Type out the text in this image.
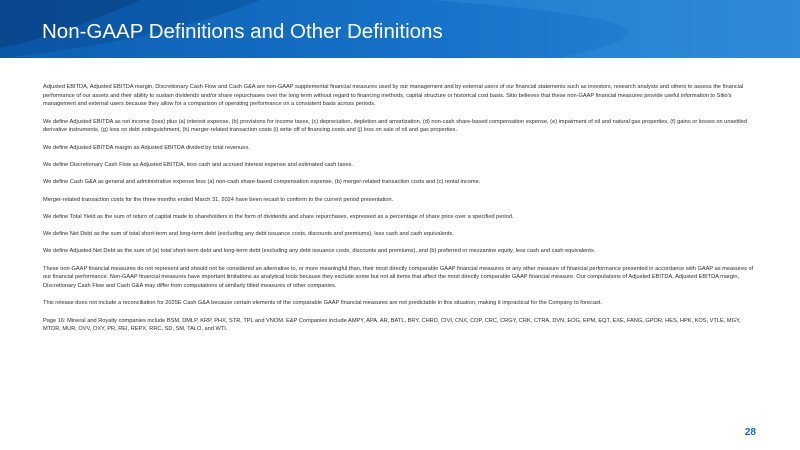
Non-GAAP Definitions and Other Definitions

Adjusted EBITDA, Adjusted EBITDA margin, Discretionary Cash Flow and Cash G&A are non-GAAP supplemental financial measures used by our management and by external users of our financial statements such as investors, research analysts and others to assess the financial performance of our assets and their ability to sustain dividends and/or share repurchases over the long term without regard to financing methods, capital structure or historical cost basis. Sitio believes that these non-GAAP financial measures provide useful information to Sitio's management and external users because they allow for a comparison of operating performance on a consistent basis across periods.

We define Adjusted EBITDA as net income (loss) plus (a) interest expense, (b) provisions for income taxes, (c) depreciation, depletion and amortization, (d) non-cash share-based compensation expense, (e) impairment of oil and natural gas properties, (f) gains or losses on unsettled derivative instruments, (g) loss on debt extinguishment, (h) merger-related transaction costs (i) write off of financing costs and (j) loss on sale of oil and gas properties.

We define Adjusted EBITDA margin as Adjusted EBITDA divided by total revenues.

We define Discretionary Cash Flow as Adjusted EBITDA, less cash and accrued interest expense and estimated cash taxes.

We define Cash G&A as general and administrative expense less (a) non-cash share-based compensation expense, (b) merger-related transaction costs and (c) rental income.

Merger-related transaction costs for the three months ended March 31, 2024 have been recast to conform to the current period presentation.

We define Total Yield as the sum of return of capital made to shareholders in the form of dividends and share repurchases, expressed as a percentage of share price over a specified period.

We define Net Debt as the sum of total short-term and long-term debt (excluding any debt issuance costs, discounts and premiums), less cash and cash equivalents.

We define Adjusted Net Debt as the sum of (a) total short-term debt and long-term debt (excluding any debt issuance costs, discounts and premiums), and (b) preferred or mezzanine equity, less cash and cash equivalents.

These non-GAAP financial measures do not represent and should not be considered an alternative to, or more meaningful than, their most directly comparable GAAP financial measures or any other measure of financial performance presented in accordance with GAAP as measures of our financial performance. Non-GAAP financial measures have important limitations as analytical tools because they exclude some but not all items that affect the most directly comparable GAAP financial measure. Our computations of Adjusted EBITDA, Adjusted EBITDA margin, Discretionary Cash Flow and Cash G&A may differ from computations of similarly titled measures of other companies.

This release does not include a reconciliation for 2025E Cash G&A because certain elements of the comparable GAAP financial measures are not predictable in this situation, making it impractical for the Company to forecast.

Page 16: Mineral and Royalty companies include BSM, DMLP, KRP, PHX, STR, TPL and VNOM. E&P Companies include AMPY, APA, AR, BATL, BRY, CHRD, CIVI, CNX, COP, CRC, CRGY, CRK, CTRA, DVN, EOG, EPM, EQT, EXE, FANG, GPOR, HES, HPK, KOS, VTLE, MGY, MTDR, MUR, OVV, OXY, PR, REI, REPX, RRC, SD, SM, TALO, and WTI.

28
